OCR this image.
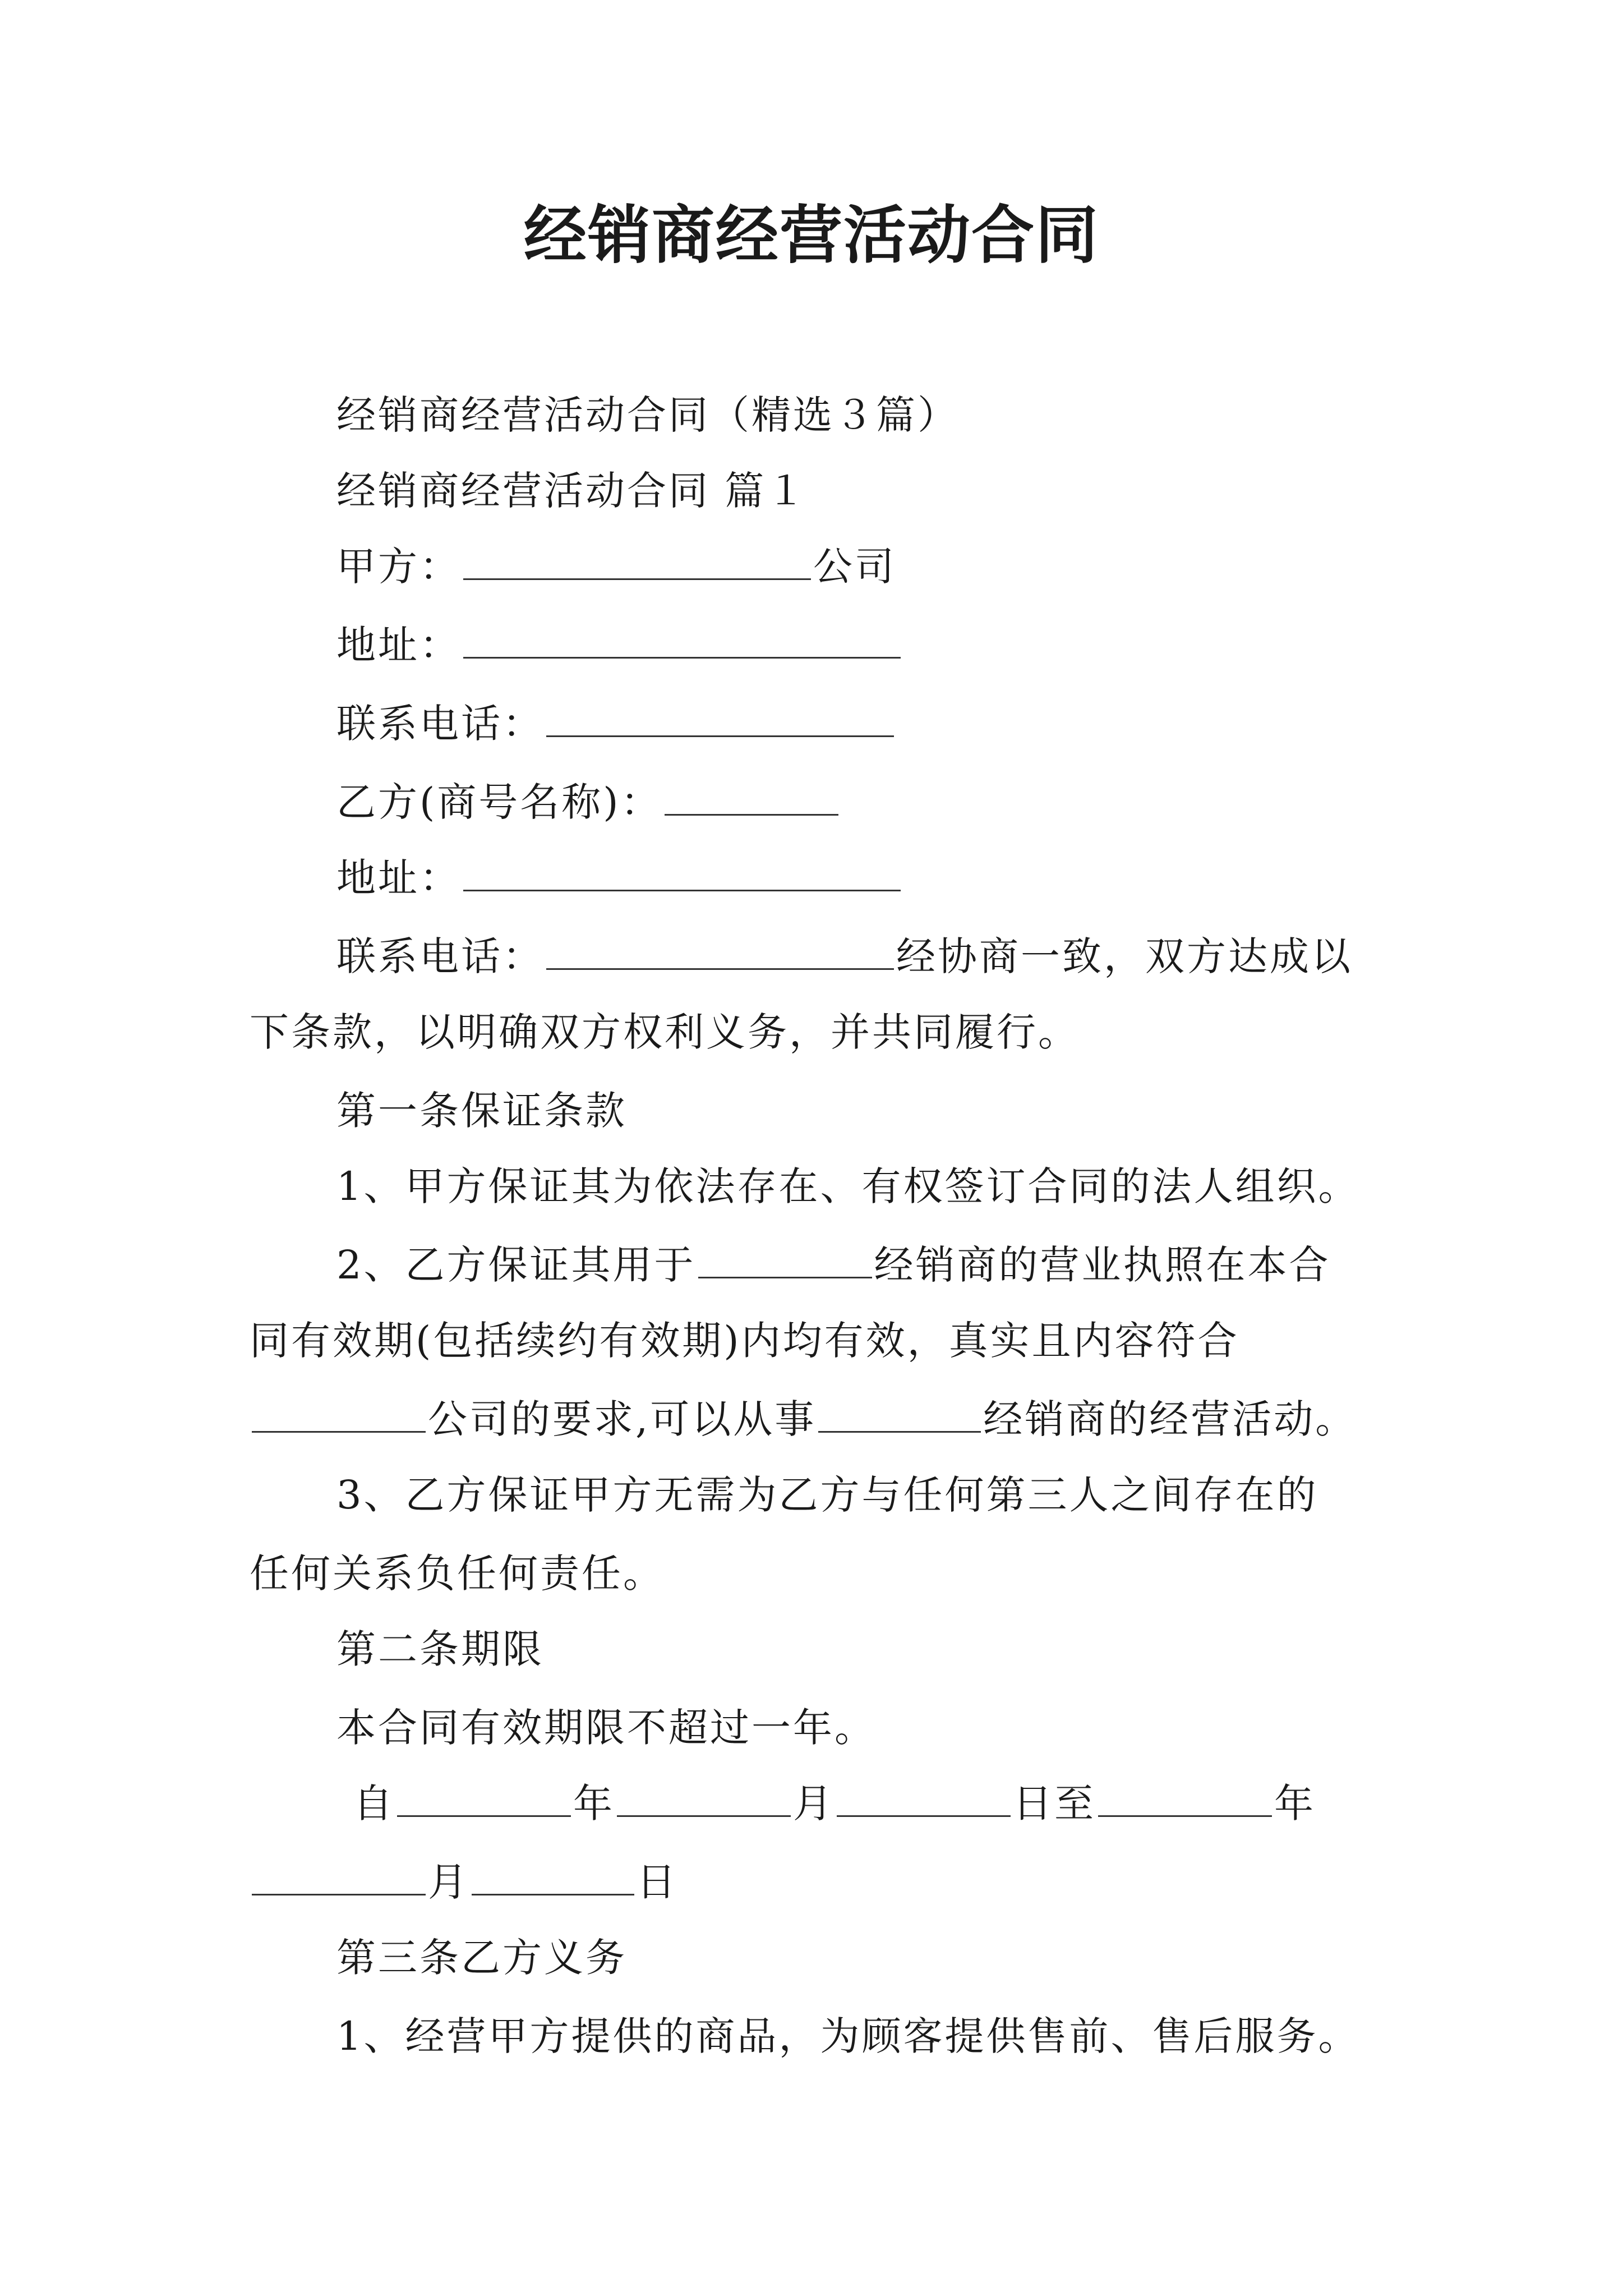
经销商经营活动合同
经销商经营活动合同（精选３篇）
经销商经营活动合同 篇１
甲方：	公司
地址：
联系电话：
乙方(商号名称)：
地址：
联系电话：	经协商一致，双方达成以
下条款，以明确双方权利义务，并共同履行。
第一条保证条款
1、甲方保证其为依法存在、有权签订合同的法人组织。
2、乙方保证其用于	经销商的营业执照在本合
同有效期(包括续约有效期)内均有效，真实且内容符合
公司的要求,可以从事	经销商的经营活动。
3、乙方保证甲方无需为乙方与任何第三人之间存在的
任何关系负任何责任。
第二条期限
本合同有效期限不超过一年。
自	年	月	日至	年
月	日
第三条乙方义务
1、经营甲方提供的商品，为顾客提供售前、售后服务。
